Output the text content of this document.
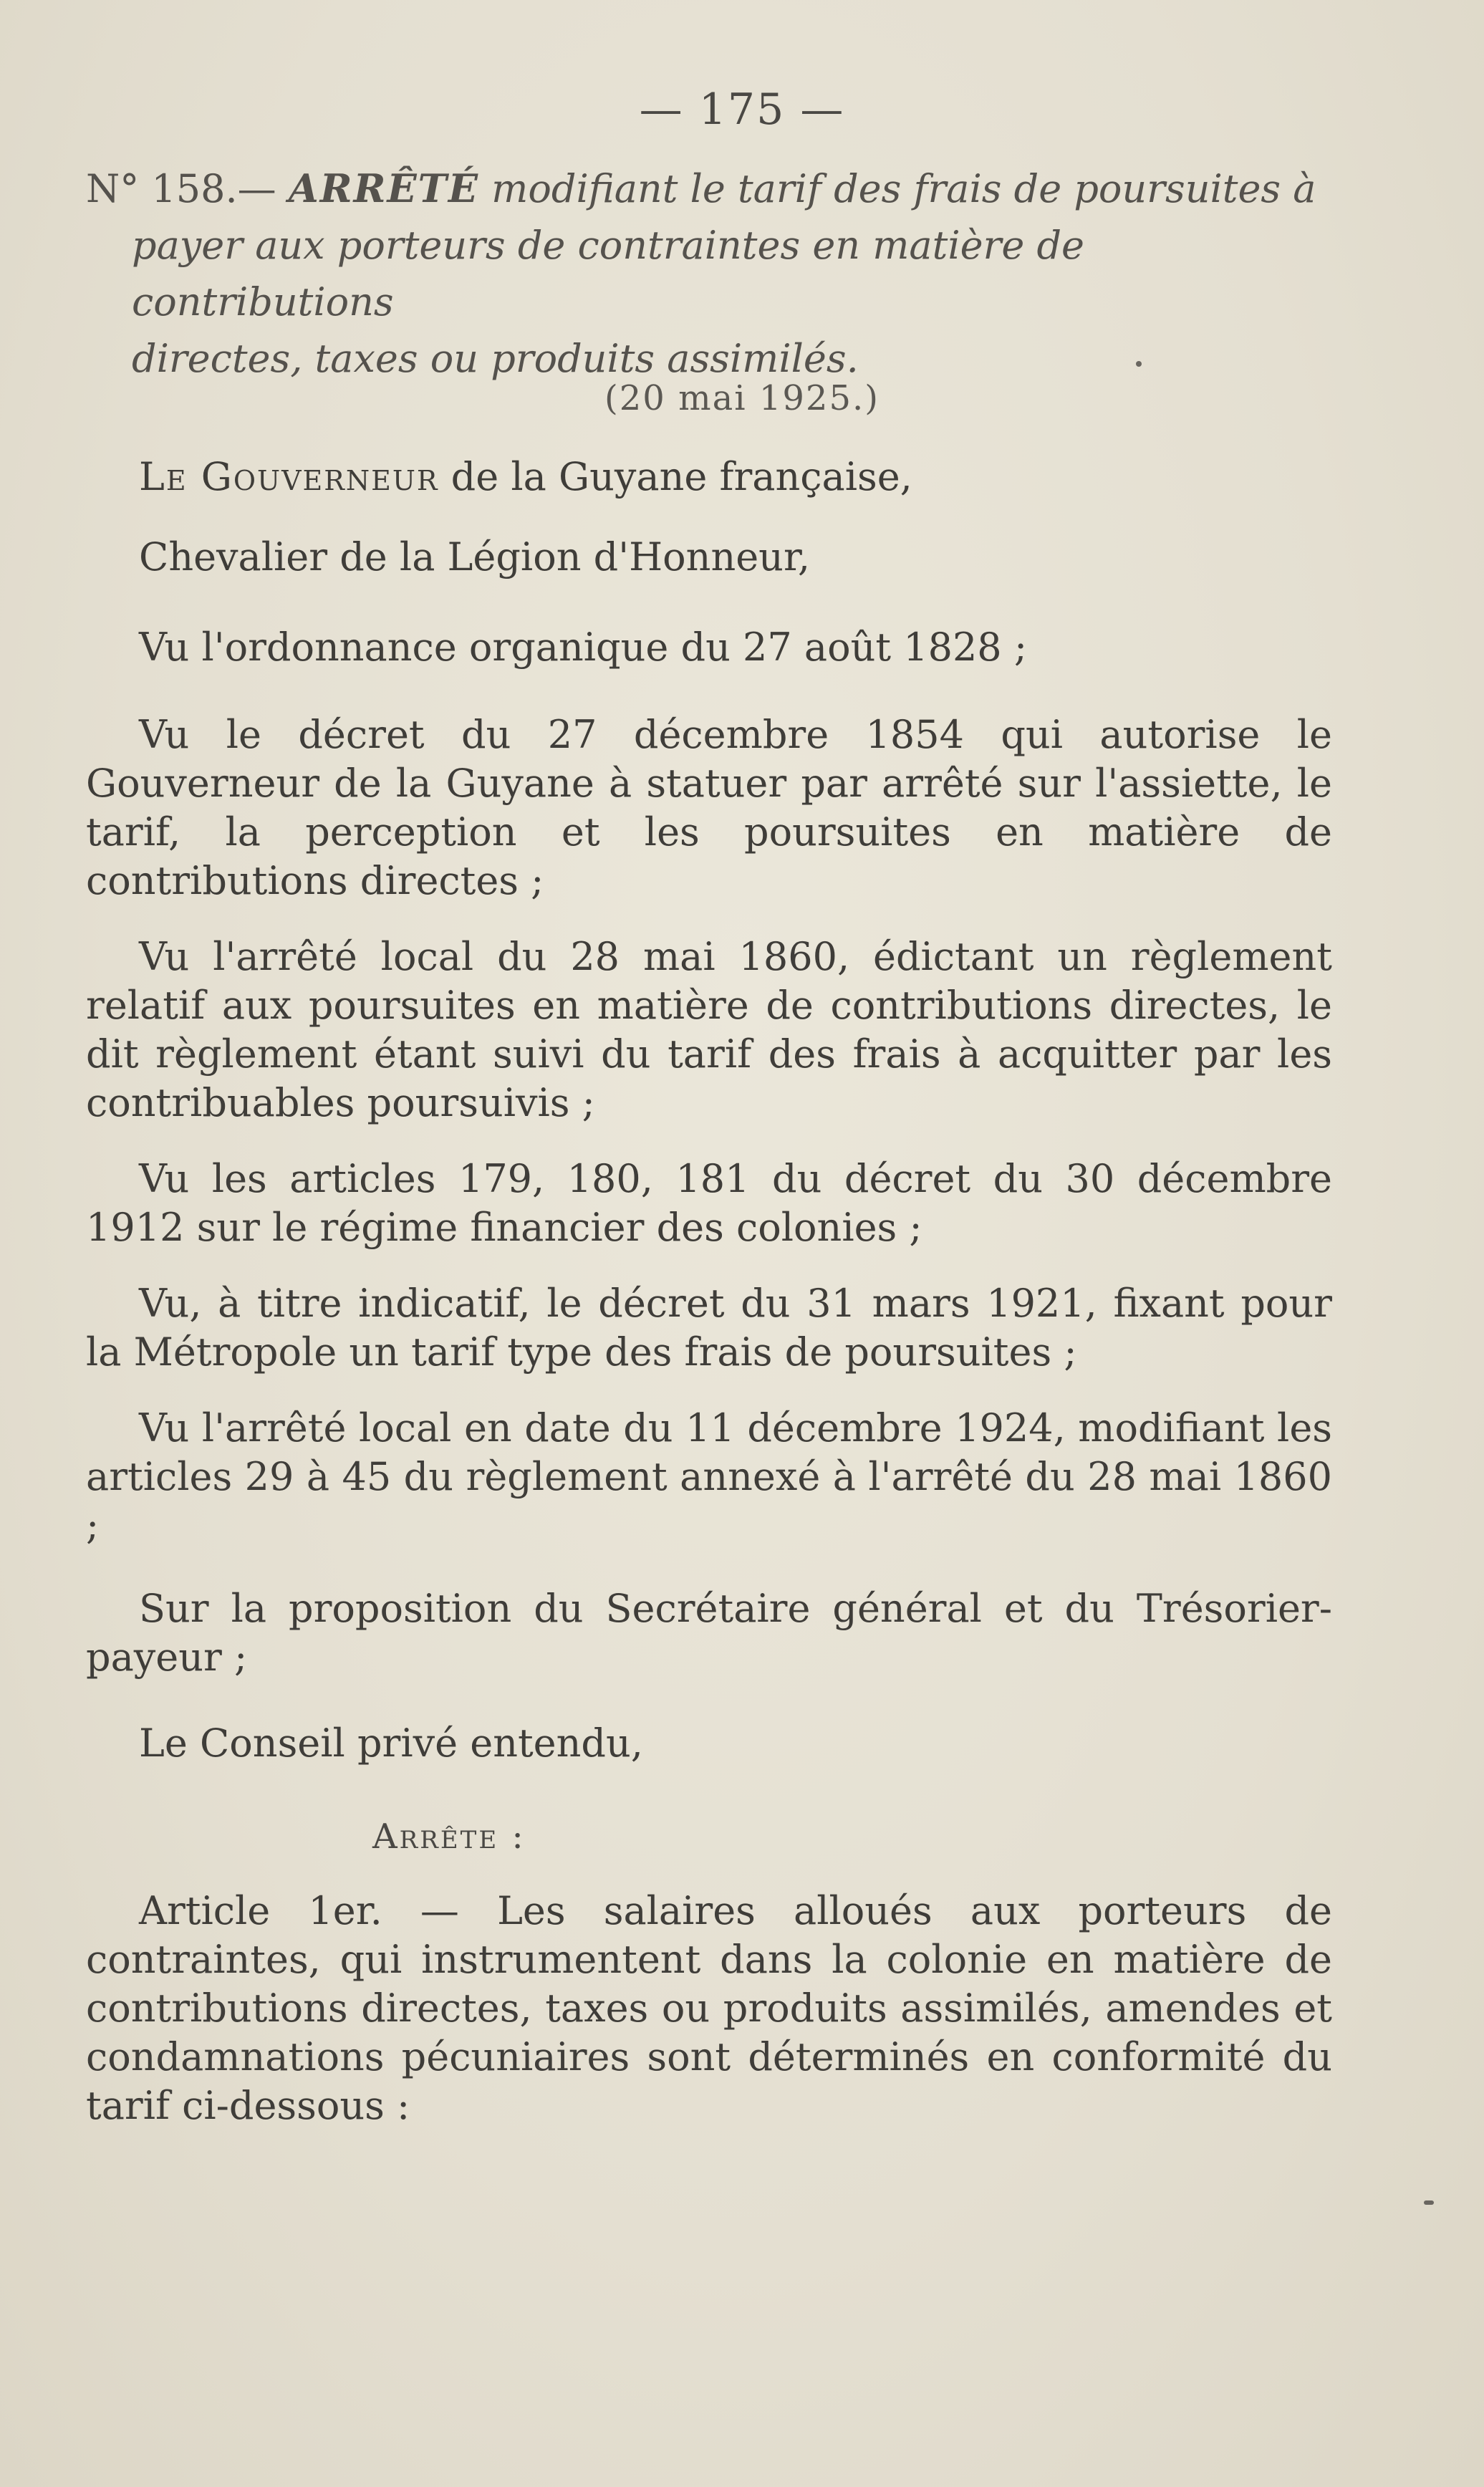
— 175 —
N° 158.— ARRÊTÉ modifiant le tarif des frais de poursuites à
payer aux porteurs de contraintes en matière de contributions
directes, taxes ou produits assimilés.
(20 mai 1925.)
Le Gouverneur de la Guyane française,
Chevalier de la Légion d'Honneur,
Vu l'ordonnance organique du 27 août 1828 ;
Vu le décret du 27 décembre 1854 qui autorise le Gouverneur de la Guyane à statuer par arrêté sur l'assiette, le tarif, la perception et les poursuites en matière de contributions directes ;
Vu l'arrêté local du 28 mai 1860, édictant un règlement relatif aux poursuites en matière de contributions directes, le dit règlement étant suivi du tarif des frais à acquitter par les contribuables poursuivis ;
Vu les articles 179, 180, 181 du décret du 30 décembre 1912 sur le régime financier des colonies ;
Vu, à titre indicatif, le décret du 31 mars 1921, fixant pour la Métropole un tarif type des frais de poursuites ;
Vu l'arrêté local en date du 11 décembre 1924, modifiant les articles 29 à 45 du règlement annexé à l'arrêté du 28 mai 1860 ;
Sur la proposition du Secrétaire général et du Trésorier-payeur ;
Le Conseil privé entendu,
Arrête :
Article 1er. — Les salaires alloués aux porteurs de contraintes, qui instrumentent dans la colonie en matière de contributions directes, taxes ou produits assimilés, amendes et condamnations pécuniaires sont déterminés en conformité du tarif ci-dessous :
